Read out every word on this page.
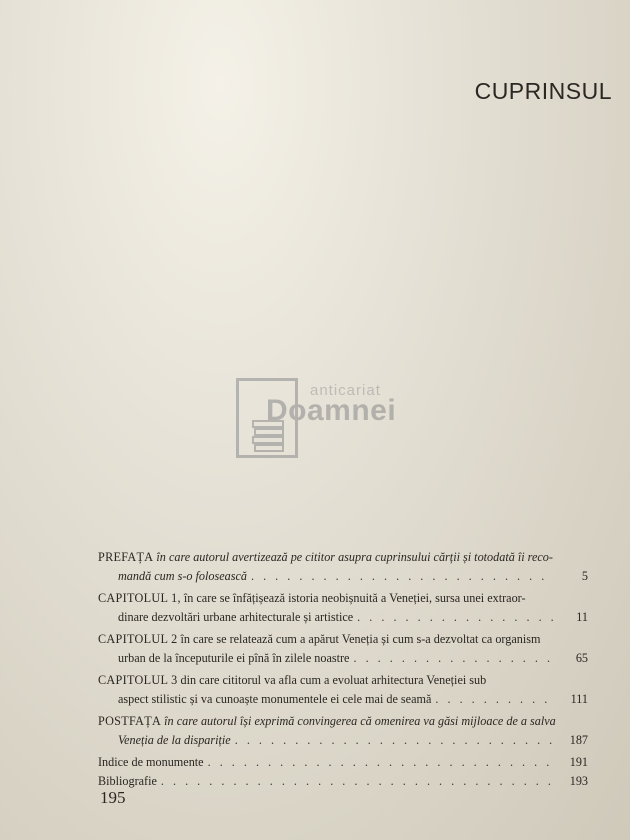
CUPRINSUL
anticariat
Doamnei
PREFAȚA
în care autorul avertizează pe cititor asupra cuprinsului cărții și totodată îi reco-
mandă cum s-o folosească . . .	5
CAPITOLUL 1,
în care se înfățișează istoria neobișnuită a Veneției, sursa unei extraor-
dinare dezvoltări urbane arhitecturale și artistice . . .	11
CAPITOLUL 2
în care se relatează cum a apărut Veneția și cum s-a dezvoltat ca organism
urban de la începuturile ei pînă în zilele noastre . . .	65
CAPITOLUL 3
din care cititorul va afla cum a evoluat arhitectura Veneției sub
aspect stilistic și va cunoaște monumentele ei cele mai de seamă . . .	111
POSTFAȚA
în care autorul își exprimă convingerea că omenirea va găsi mijloace de a salva
Veneția de la dispariție . . .	187
Indice de monumente . . .	191
Bibliografie . . .	193
195
